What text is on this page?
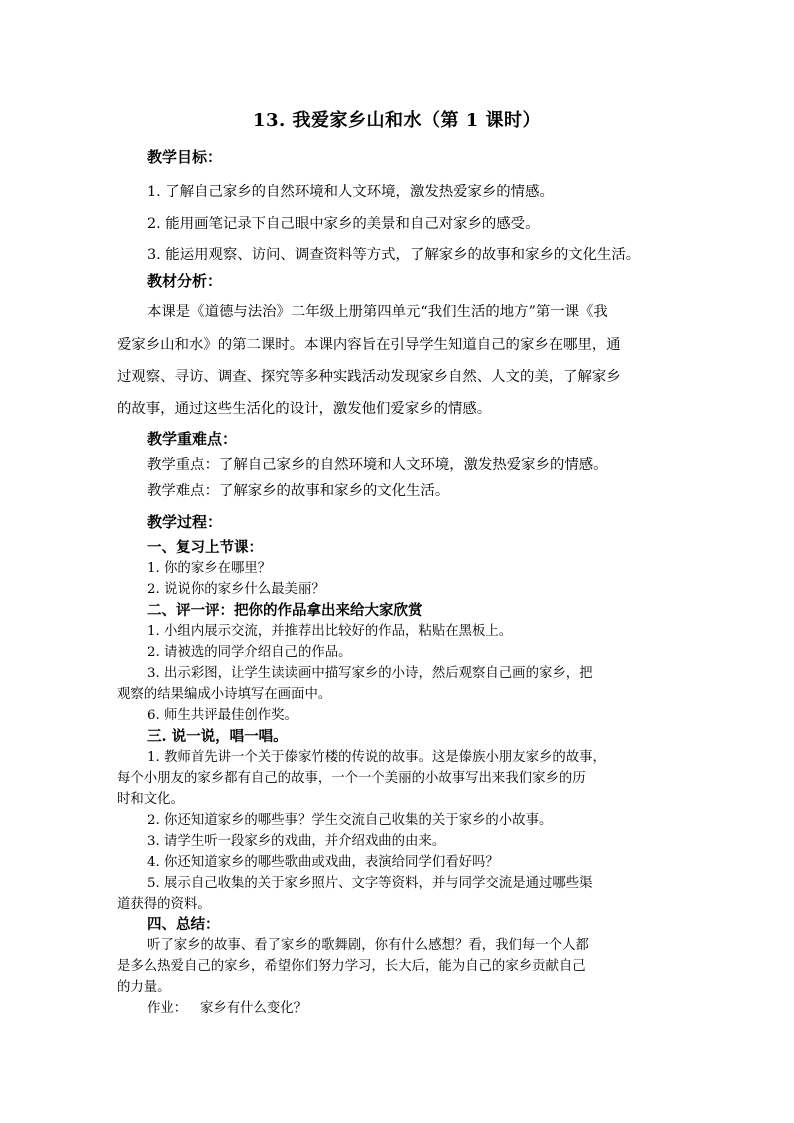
13. 我爱家乡山和水（第 1 课时）
教学目标：
1. 了解自己家乡的自然环境和人文环境，激发热爱家乡的情感。
2. 能用画笔记录下自己眼中家乡的美景和自己对家乡的感受。
3. 能运用观察、访问、调查资料等方式，了解家乡的故事和家乡的文化生活。
教材分析：
本课是《道德与法治》二年级上册第四单元“我们生活的地方”第一课《我
爱家乡山和水》的第二课时。本课内容旨在引导学生知道自己的家乡在哪里，通
过观察、寻访、调查、探究等多种实践活动发现家乡自然、人文的美，了解家乡
的故事，通过这些生活化的设计，激发他们爱家乡的情感。
教学重难点：
教学重点：了解自己家乡的自然环境和人文环境，激发热爱家乡的情感。
教学难点：了解家乡的故事和家乡的文化生活。
教学过程：
一、复习上节课：
1. 你的家乡在哪里？
2. 说说你的家乡什么最美丽？
二、评一评：把你的作品拿出来给大家欣赏
1. 小组内展示交流，并推荐出比较好的作品，粘贴在黑板上。
2. 请被选的同学介绍自己的作品。
3. 出示彩图，让学生读读画中描写家乡的小诗，然后观察自己画的家乡，把
观察的结果编成小诗填写在画面中。
6. 师生共评最佳创作奖。
三. 说一说，唱一唱。
1. 教师首先讲一个关于傣家竹楼的传说的故事。这是傣族小朋友家乡的故事，
每个小朋友的家乡都有自己的故事，一个一个美丽的小故事写出来我们家乡的历
时和文化。
2. 你还知道家乡的哪些事？学生交流自己收集的关于家乡的小故事。
3. 请学生听一段家乡的戏曲，并介绍戏曲的由来。
4. 你还知道家乡的哪些歌曲或戏曲，表演给同学们看好吗？
5. 展示自己收集的关于家乡照片、文字等资料，并与同学交流是通过哪些渠
道获得的资料。
四、总结：
听了家乡的故事、看了家乡的歌舞剧，你有什么感想？看，我们每一个人都
是多么热爱自己的家乡，希望你们努力学习，长大后，能为自己的家乡贡献自己
的力量。
作业：   家乡有什么变化？
